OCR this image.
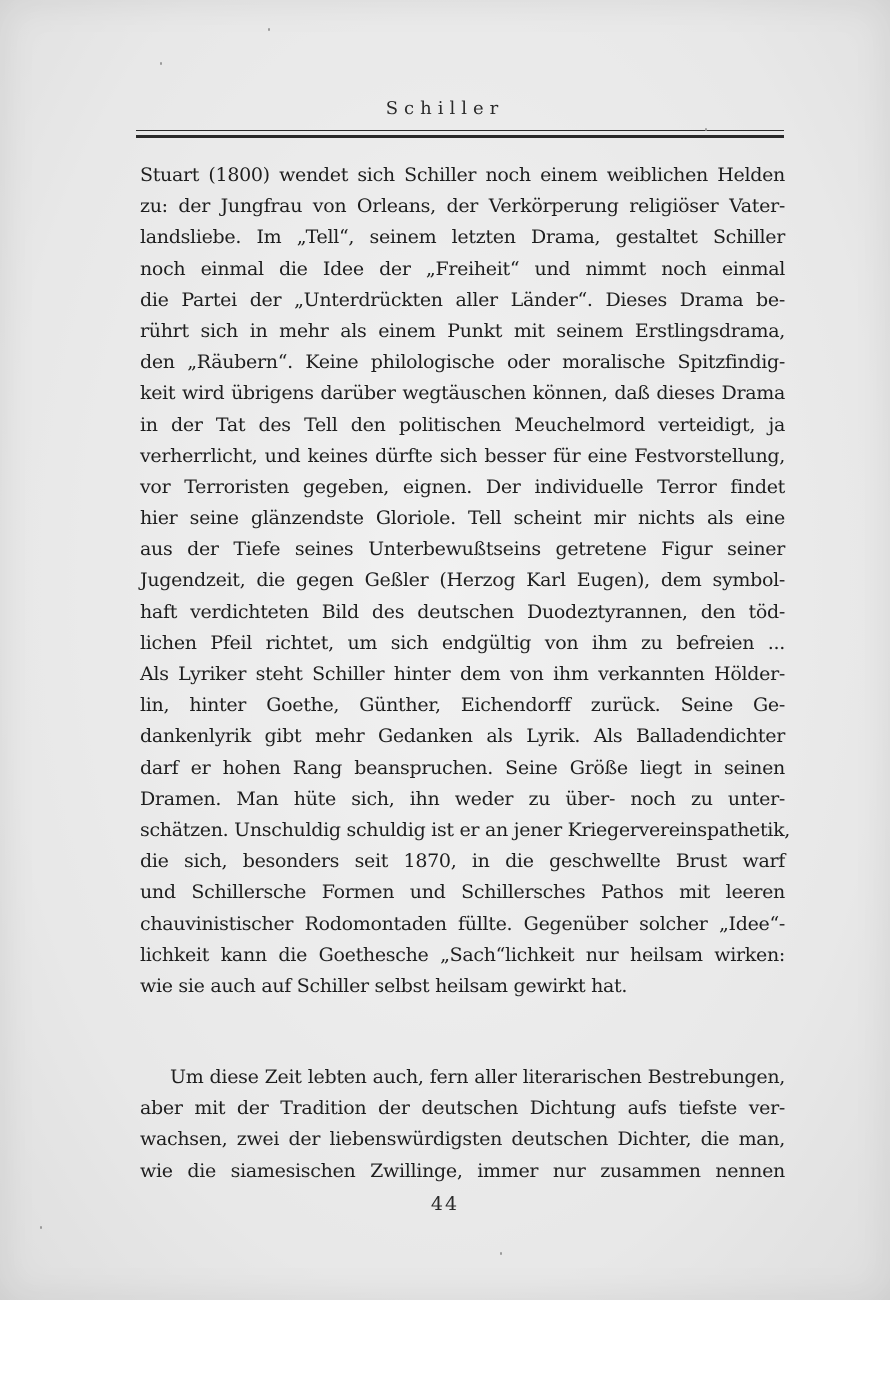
Schiller
Stuart (1800) wendet sich Schiller noch einem weiblichen Helden
zu: der Jungfrau von Orleans, der Verkörperung religiöser Vater-
landsliebe. Im „Tell“, seinem letzten Drama, gestaltet Schiller
noch einmal die Idee der „Freiheit“ und nimmt noch einmal
die Partei der „Unterdrückten aller Länder“. Dieses Drama be-
rührt sich in mehr als einem Punkt mit seinem Erstlingsdrama,
den „Räubern“. Keine philologische oder moralische Spitzfindig-
keit wird übrigens darüber wegtäuschen können, daß dieses Drama
in der Tat des Tell den politischen Meuchelmord verteidigt, ja
verherrlicht, und keines dürfte sich besser für eine Festvorstellung,
vor Terroristen gegeben, eignen. Der individuelle Terror findet
hier seine glänzendste Gloriole. Tell scheint mir nichts als eine
aus der Tiefe seines Unterbewußtseins getretene Figur seiner
Jugendzeit, die gegen Geßler (Herzog Karl Eugen), dem symbol-
haft verdichteten Bild des deutschen Duodeztyrannen, den töd-
lichen Pfeil richtet, um sich endgültig von ihm zu befreien ...
Als Lyriker steht Schiller hinter dem von ihm verkannten Hölder-
lin, hinter Goethe, Günther, Eichendorff zurück. Seine Ge-
dankenlyrik gibt mehr Gedanken als Lyrik. Als Balladendichter
darf er hohen Rang beanspruchen. Seine Größe liegt in seinen
Dramen. Man hüte sich, ihn weder zu über- noch zu unter-
schätzen. Unschuldig schuldig ist er an jener Kriegervereinspathetik,
die sich, besonders seit 1870, in die geschwellte Brust warf
und Schillersche Formen und Schillersches Pathos mit leeren
chauvinistischer Rodomontaden füllte. Gegenüber solcher „Idee“-
lichkeit kann die Goethesche „Sach“lichkeit nur heilsam wirken:
wie sie auch auf Schiller selbst heilsam gewirkt hat.
Um diese Zeit lebten auch, fern aller literarischen Bestrebungen,
aber mit der Tradition der deutschen Dichtung aufs tiefste ver-
wachsen, zwei der liebenswürdigsten deutschen Dichter, die man,
wie die siamesischen Zwillinge, immer nur zusammen nennen
44
